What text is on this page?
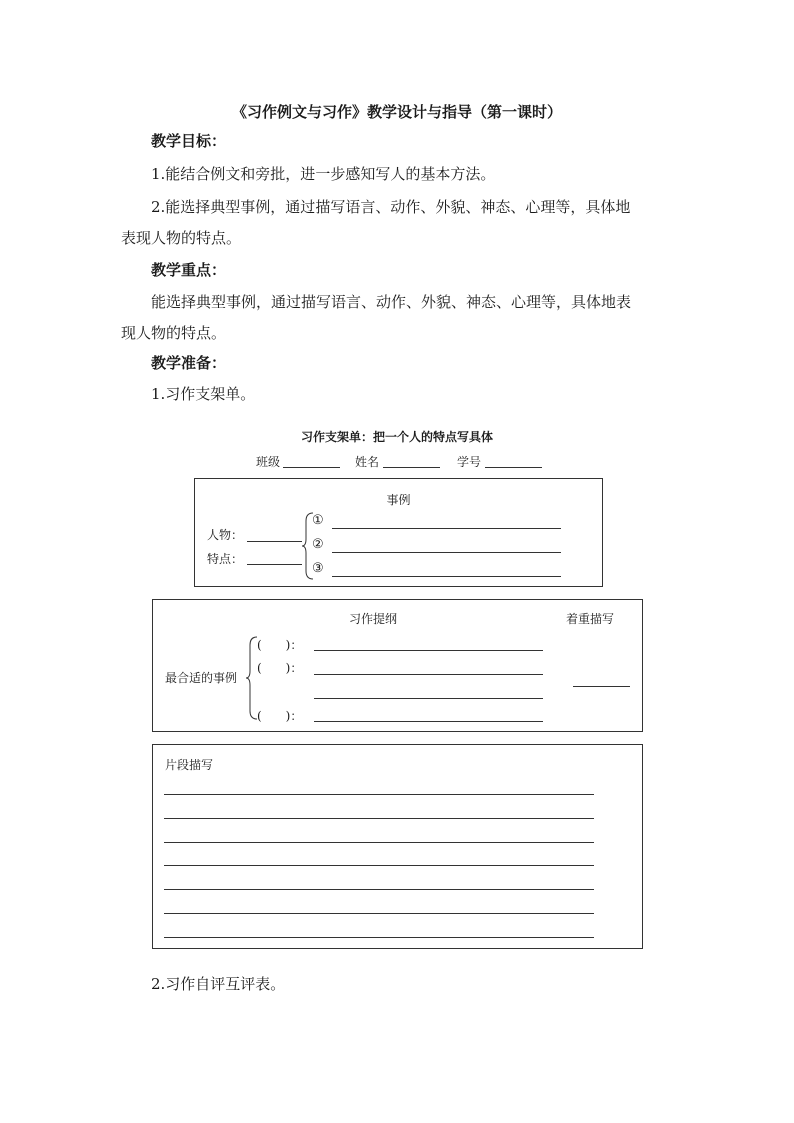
《习作例文与习作》教学设计与指导（第一课时）
教学目标：
1.能结合例文和旁批，进一步感知写人的基本方法。
2.能选择典型事例，通过描写语言、动作、外貌、神态、心理等，具体地
表现人物的特点。
教学重点：
能选择典型事例，通过描写语言、动作、外貌、神态、心理等，具体地表
现人物的特点。
教学准备：
1.习作支架单。
习作支架单：把一个人的特点写具体
班级	姓名	学号
事例
人物：
特点：
①
②
③
习作提纲	着重描写
最合适的事例
(　　)：
(　　)：
(　　)：
片段描写
2.习作自评互评表。
